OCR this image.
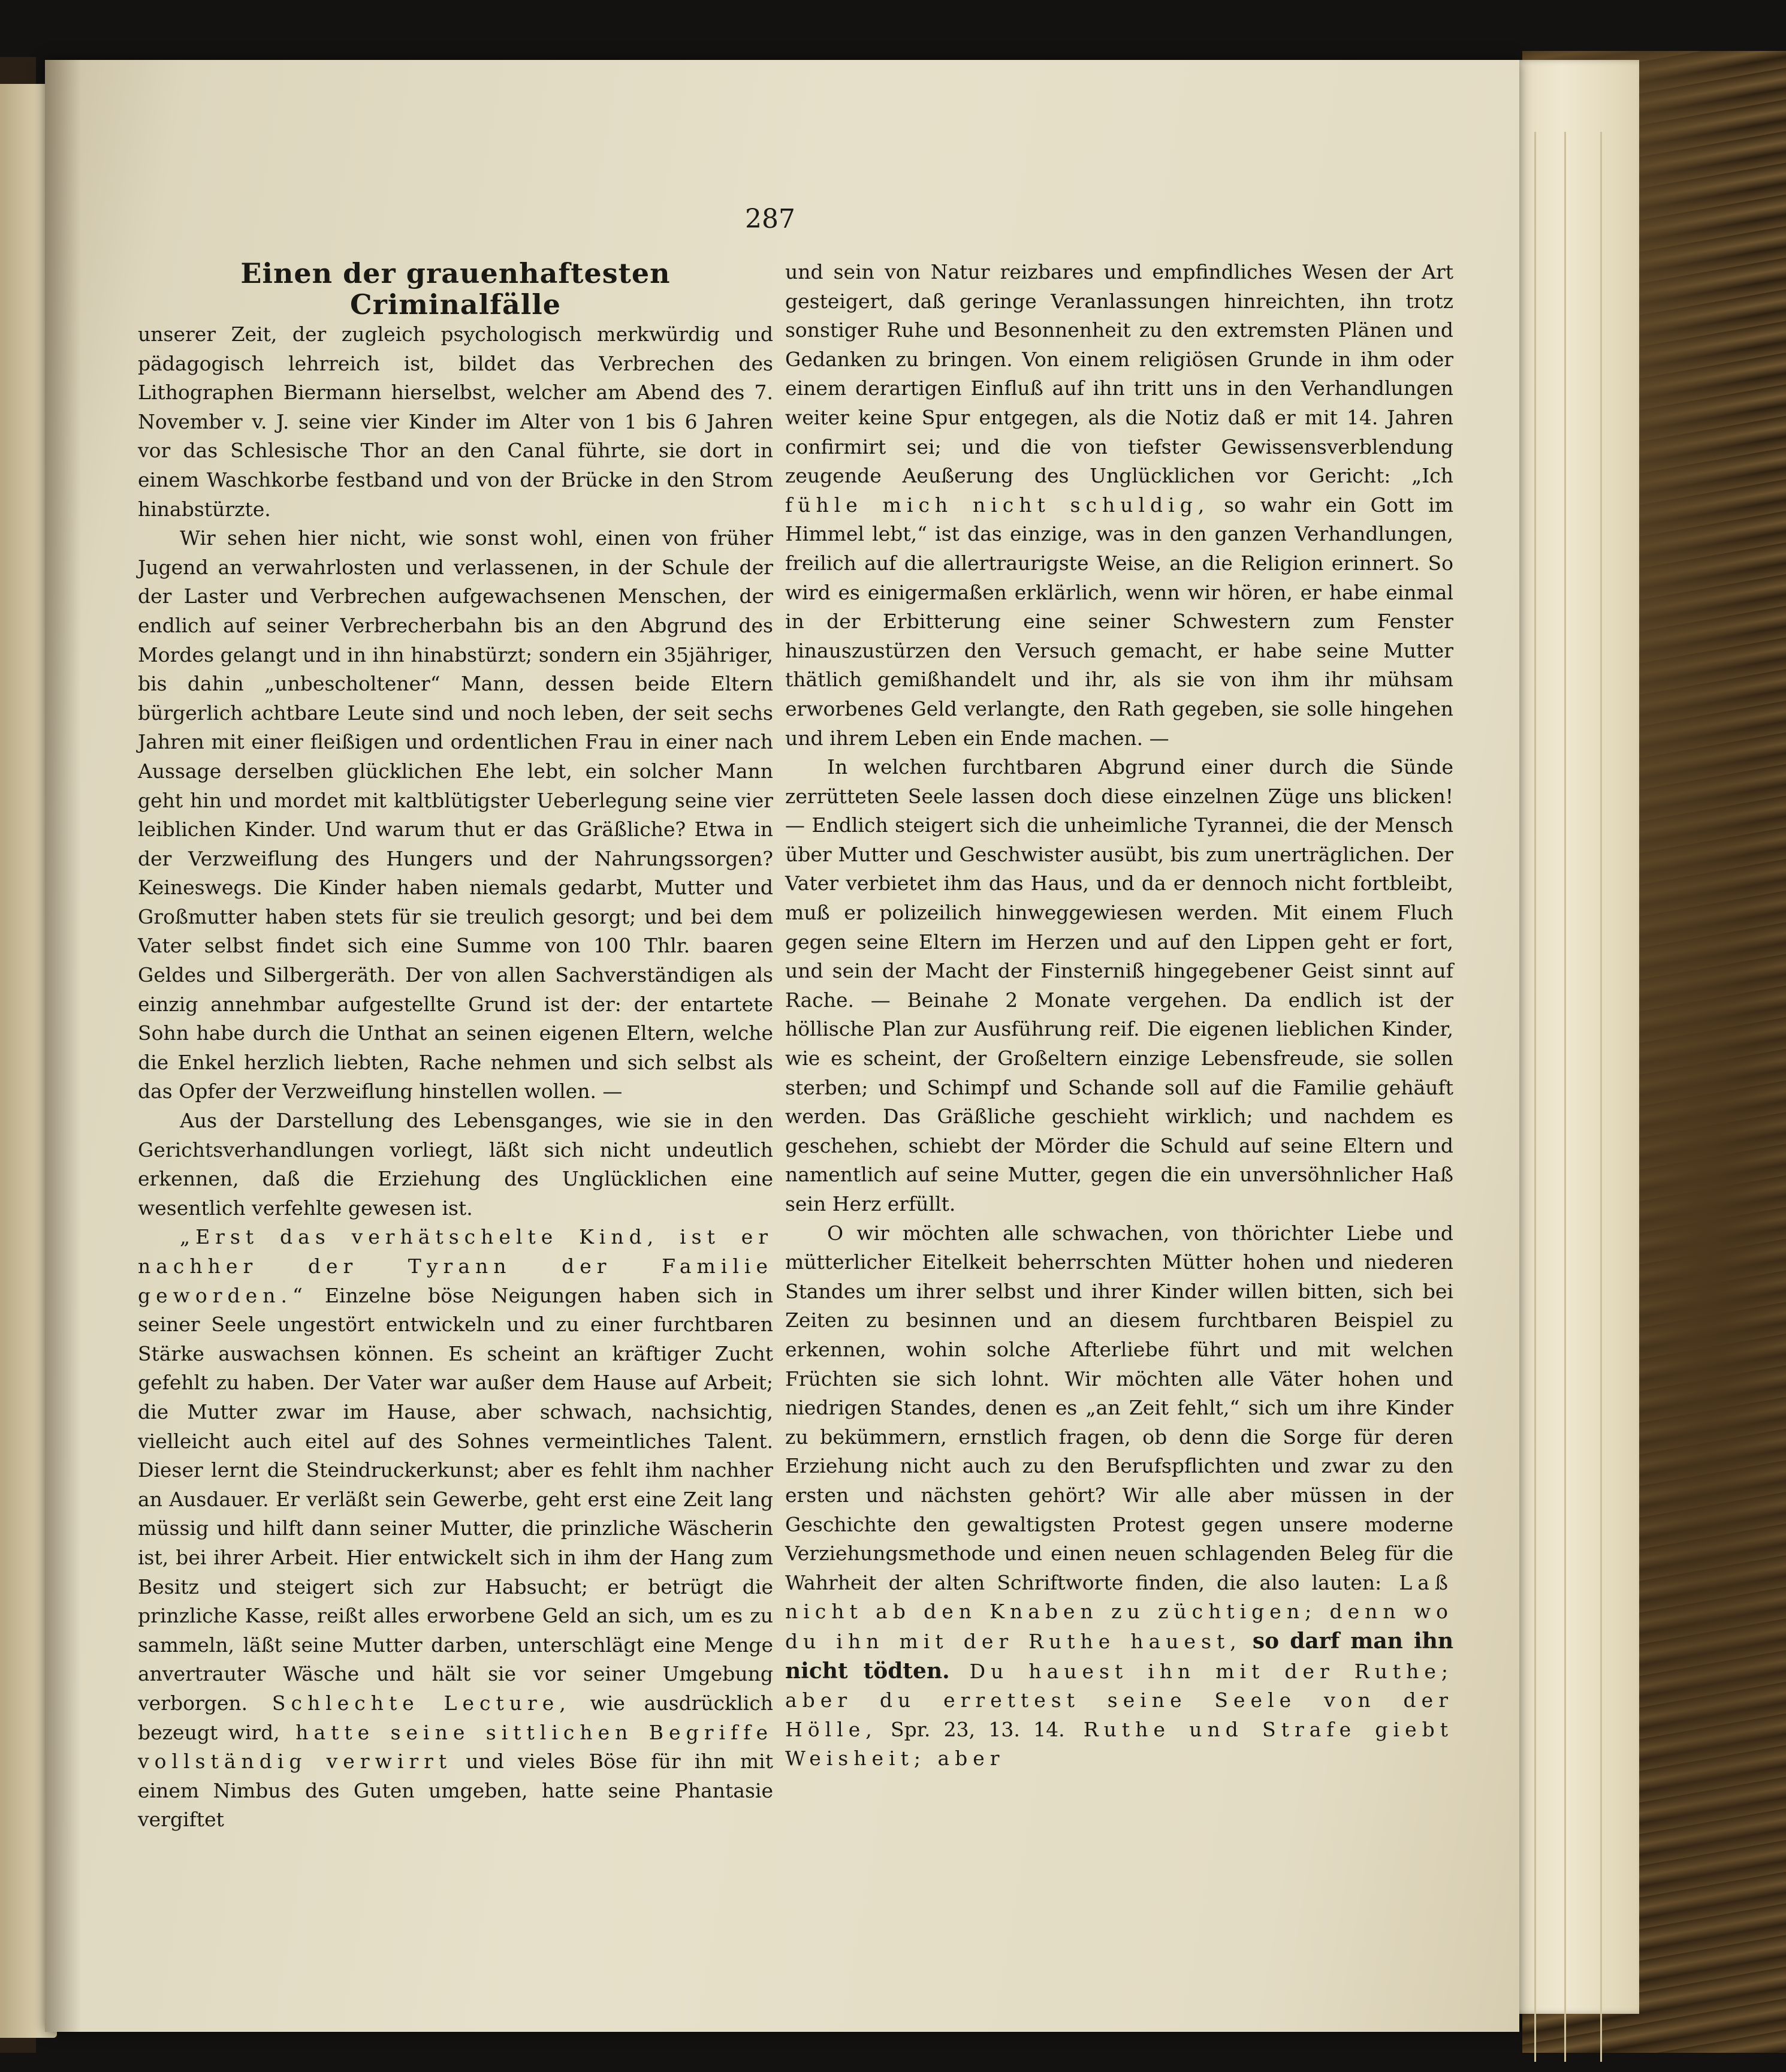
287

Einen der grauenhaftesten Criminalfälle

unserer Zeit, der zugleich psychologisch merkwürdig und pädagogisch lehrreich ist, bildet das Verbrechen des Lithographen Biermann hierselbst, welcher am Abend des 7. November v. J. seine vier Kinder im Alter von 1 bis 6 Jahren vor das Schlesische Thor an den Canal führte, sie dort in einem Waschkorbe festband und von der Brücke in den Strom hinabstürzte.

Wir sehen hier nicht, wie sonst wohl, einen von früher Jugend an verwahrlosten und verlassenen, in der Schule der der Laster und Verbrechen aufgewachsenen Menschen, der endlich auf seiner Verbrecherbahn bis an den Abgrund des Mordes gelangt und in ihn hinabstürzt; sondern ein 35jähriger, bis dahin „unbescholtener“ Mann, dessen beide Eltern bürgerlich achtbare Leute sind und noch leben, der seit sechs Jahren mit einer fleißigen und ordentlichen Frau in einer nach Aussage derselben glücklichen Ehe lebt, ein solcher Mann geht hin und mordet mit kaltblütigster Ueberlegung seine vier leiblichen Kinder. Und warum thut er das Gräßliche? Etwa in der Verzweiflung des Hungers und der Nahrungssorgen? Keineswegs. Die Kinder haben niemals gedarbt, Mutter und Großmutter haben stets für sie treulich gesorgt; und bei dem Vater selbst findet sich eine Summe von 100 Thlr. baaren Geldes und Silbergeräth. Der von allen Sachverständigen als einzig annehmbar aufgestellte Grund ist der: der entartete Sohn habe durch die Unthat an seinen eigenen Eltern, welche die Enkel herzlich liebten, Rache nehmen und sich selbst als das Opfer der Verzweiflung hinstellen wollen. —

Aus der Darstellung des Lebensganges, wie sie in den Gerichtsverhandlungen vorliegt, läßt sich nicht undeutlich erkennen, daß die Erziehung des Unglücklichen eine wesentlich verfehlte gewesen ist.

„Erst das verhätschelte Kind, ist er nachher der Tyrann der Familie geworden.“ Einzelne böse Neigungen haben sich in seiner Seele ungestört entwickeln und zu einer furchtbaren Stärke auswachsen können. Es scheint an kräftiger Zucht gefehlt zu haben. Der Vater war außer dem Hause auf Arbeit; die Mutter zwar im Hause, aber schwach, nachsichtig, vielleicht auch eitel auf des Sohnes vermeintliches Talent. Dieser lernt die Steindruckerkunst; aber es fehlt ihm nachher an Ausdauer. Er verläßt sein Gewerbe, geht erst eine Zeit lang müssig und hilft dann seiner Mutter, die prinzliche Wäscherin ist, bei ihrer Arbeit. Hier entwickelt sich in ihm der Hang zum Besitz und steigert sich zur Habsucht; er betrügt die prinzliche Kasse, reißt alles erworbene Geld an sich, um es zu sammeln, läßt seine Mutter darben, unterschlägt eine Menge anvertrauter Wäsche und hält sie vor seiner Umgebung verborgen. Schlechte Lecture, wie ausdrücklich bezeugt wird, hatte seine sittlichen Begriffe vollständig verwirrt und vieles Böse für ihn mit einem Nimbus des Guten umgeben, hatte seine Phantasie vergiftet

und sein von Natur reizbares und empfindliches Wesen der Art gesteigert, daß geringe Veranlassungen hinreichten, ihn trotz sonstiger Ruhe und Besonnenheit zu den extremsten Plänen und Gedanken zu bringen. Von einem religiösen Grunde in ihm oder einem derartigen Einfluß auf ihn tritt uns in den Verhandlungen weiter keine Spur entgegen, als die Notiz daß er mit 14. Jahren confirmirt sei; und die von tiefster Gewissensverblendung zeugende Aeußerung des Unglücklichen vor Gericht: „Ich fühle mich nicht schuldig, so wahr ein Gott im Himmel lebt,“ ist das einzige, was in den ganzen Verhandlungen, freilich auf die allertraurigste Weise, an die Religion erinnert. So wird es einigermaßen erklärlich, wenn wir hören, er habe einmal in der Erbitterung eine seiner Schwestern zum Fenster hinauszustürzen den Versuch gemacht, er habe seine Mutter thätlich gemißhandelt und ihr, als sie von ihm ihr mühsam erworbenes Geld verlangte, den Rath gegeben, sie solle hingehen und ihrem Leben ein Ende machen. —

In welchen furchtbaren Abgrund einer durch die Sünde zerrütteten Seele lassen doch diese einzelnen Züge uns blicken! — Endlich steigert sich die unheimliche Tyrannei, die der Mensch über Mutter und Geschwister ausübt, bis zum unerträglichen. Der Vater verbietet ihm das Haus, und da er dennoch nicht fortbleibt, muß er polizeilich hinweggewiesen werden. Mit einem Fluch gegen seine Eltern im Herzen und auf den Lippen geht er fort, und sein der Macht der Finsterniß hingegebener Geist sinnt auf Rache. — Beinahe 2 Monate vergehen. Da endlich ist der höllische Plan zur Ausführung reif. Die eigenen lieblichen Kinder, wie es scheint, der Großeltern einzige Lebensfreude, sie sollen sterben; und Schimpf und Schande soll auf die Familie gehäuft werden. Das Gräßliche geschieht wirklich; und nachdem es geschehen, schiebt der Mörder die Schuld auf seine Eltern und namentlich auf seine Mutter, gegen die ein unversöhnlicher Haß sein Herz erfüllt.

O wir möchten alle schwachen, von thörichter Liebe und mütterlicher Eitelkeit beherrschten Mütter hohen und niederen Standes um ihrer selbst und ihrer Kinder willen bitten, sich bei Zeiten zu besinnen und an diesem furchtbaren Beispiel zu erkennen, wohin solche Afterliebe führt und mit welchen Früchten sie sich lohnt. Wir möchten alle Väter hohen und niedrigen Standes, denen es „an Zeit fehlt,“ sich um ihre Kinder zu bekümmern, ernstlich fragen, ob denn die Sorge für deren Erziehung nicht auch zu den Berufspflichten und zwar zu den ersten und nächsten gehört? Wir alle aber müssen in der Geschichte den gewaltigsten Protest gegen unsere moderne Verziehungsmethode und einen neuen schlagenden Beleg für die Wahrheit der alten Schriftworte finden, die also lauten: Laß nicht ab den Knaben zu züchtigen; denn wo du ihn mit der Ruthe hauest, so darf man ihn nicht tödten. Du hauest ihn mit der Ruthe; aber du errettest seine Seele von der Hölle, Spr. 23, 13. 14. Ruthe und Strafe giebt Weisheit; aber
